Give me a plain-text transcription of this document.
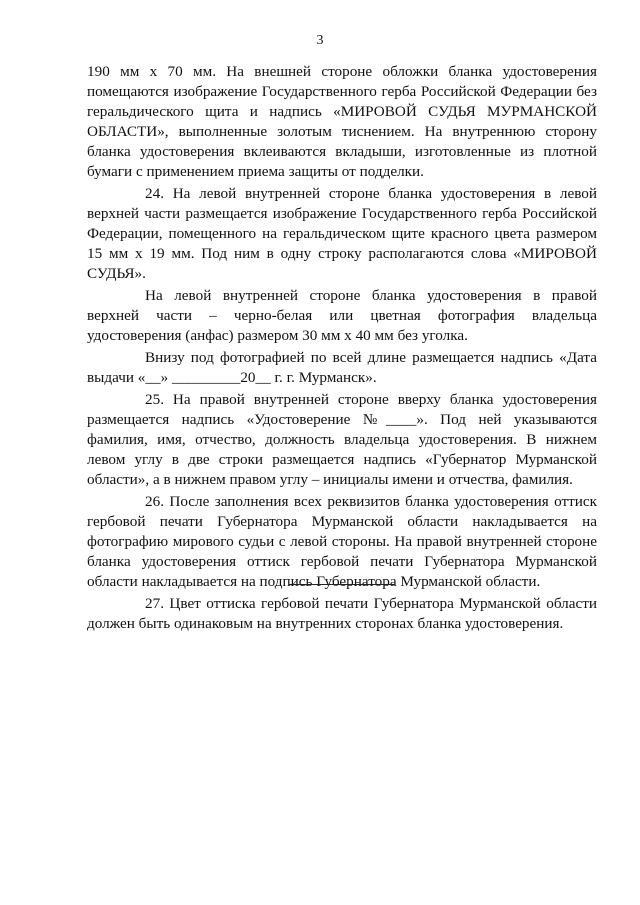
3

190 мм х 70 мм. На внешней стороне обложки бланка удостоверения помещаются изображение Государственного герба Российской Федерации без геральдического щита и надпись «МИРОВОЙ СУДЬЯ МУРМАНСКОЙ ОБЛАСТИ», выполненные золотым тиснением. На внутреннюю сторону бланка удостоверения вклеиваются вкладыши, изготовленные из плотной бумаги с применением приема защиты от подделки.

24. На левой внутренней стороне бланка удостоверения в левой верхней части размещается изображение Государственного герба Российской Федерации, помещенного на геральдическом щите красного цвета размером 15 мм х 19 мм. Под ним в одну строку располагаются слова «МИРОВОЙ СУДЬЯ».

На левой внутренней стороне бланка удостоверения в правой верхней части – черно-белая или цветная фотография владельца удостоверения (анфас) размером 30 мм х 40 мм без уголка.

Внизу под фотографией по всей длине размещается надпись «Дата выдачи «__» _________20__ г. г. Мурманск».

25. На правой внутренней стороне вверху бланка удостоверения размещается надпись «Удостоверение №____». Под ней указываются фамилия, имя, отчество, должность владельца удостоверения. В нижнем левом углу в две строки размещается надпись «Губернатор Мурманской области», а в нижнем правом углу – инициалы имени и отчества, фамилия.

26. После заполнения всех реквизитов бланка удостоверения оттиск гербовой печати Губернатора Мурманской области накладывается на фотографию мирового судьи с левой стороны. На правой внутренней стороне бланка удостоверения оттиск гербовой печати Губернатора Мурманской области накладывается на подпись Губернатора Мурманской области.

27. Цвет оттиска гербовой печати Губернатора Мурманской области должен быть одинаковым на внутренних сторонах бланка удостоверения.
